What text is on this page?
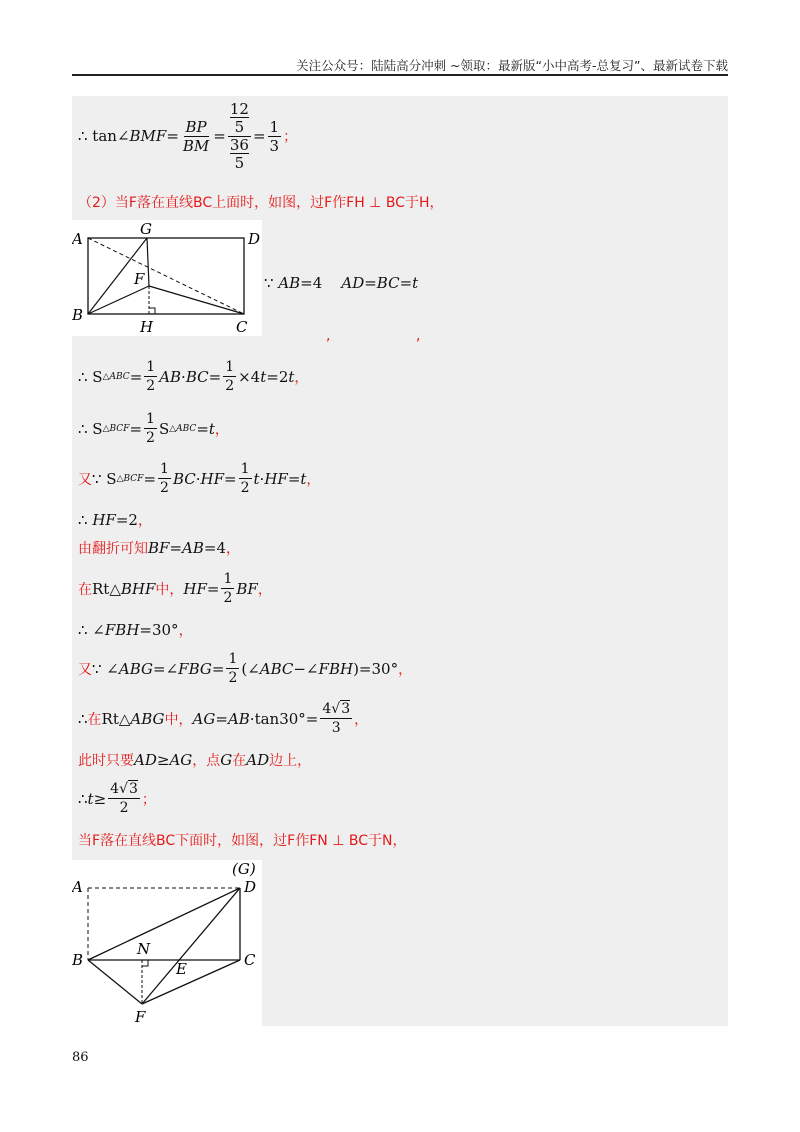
关注公众号：陆陆高分冲刺 ~领取：最新版“小中高考-总复习”、最新试卷下载
∴ tan∠BMF= $\frac{BP}{BM} = 12$
5
36
$5 = \frac{1}{3}$ ；
（2）当F落在直线BC上面时，如图，过F作FH ⊥ BC于H，
A
G
D
F
B
H	C
∵ AB=4    AD=BC=t
,	,
∴ S △ABC = $\frac{1}{2}$ AB · BC = $\frac{1}{2} \times 4$ t =2 t ，
∴ S △BCF = $\frac{1}{2}$ S △ABC = t ，
又 ∵ S △BCF = $\frac{1}{2}$ BC · HF = $\frac{1}{2}$ t · HF = t ，
∴ HF=2，
由翻折可知BF=AB=4，
在 Rt△ BHF 中， HF = $\frac{1}{2}$ BF ，
∴ ∠FBH=30°，
又 ∵ ∠ ABG =∠ FBG = $\frac{1}{2}$ (∠ ABC −∠ FBH )=30° ，
∴ 在 Rt△ ABG 中， AG = AB $\cdot\tan 30^\circ= \frac{4√3}{3}$ ，
此时只要AD≥AG，点G在AD边上，
∴ $t \ge \frac{4√3}{2}$ ；
当F落在直线BC下面时，如图，过F作FN ⊥ BC于N，
(G)
A	D
N
B	E	C
F
86
